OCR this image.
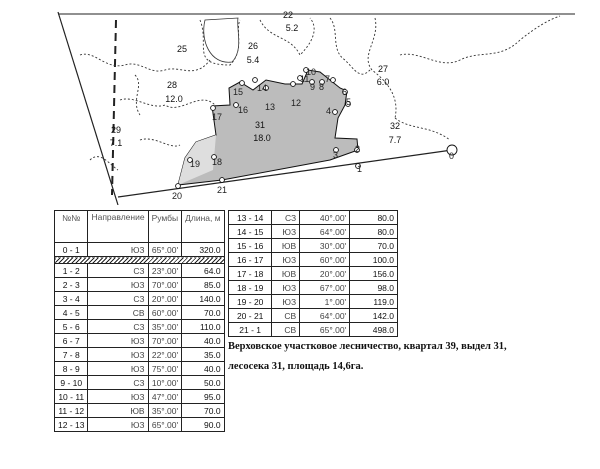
22
5.2
25	26
5.4
27
6.0
28
12.0
29
7.1
31
18.0
32
7.7
0
1
2
3
4
5
6
7
8
9
10
11
12
13
14
15
16
17
18
19
20
21
№№	Направление	Румбы	Длина, м
0 - 1	ЮЗ	65°.00'	320.0

1 - 2	СЗ	23°.00'	64.0
2 - 3	ЮЗ	70°.00'	85.0
3 - 4	СЗ	20°.00'	140.0
4 - 5	СВ	60°.00'	70.0
5 - 6	СЗ	35°.00'	110.0
6 - 7	ЮЗ	70°.00'	40.0
7 - 8	ЮЗ	22°.00'	35.0
8 - 9	ЮЗ	75°.00'	40.0
9 - 10	СЗ	10°.00'	50.0
10 - 11	ЮЗ	47°.00'	95.0
11 - 12	ЮВ	35°.00'	70.0
12 - 13	ЮЗ	65°.00'	90.0
13 - 14	СЗ	40°.00'	80.0
14 - 15	ЮЗ	64°.00'	80.0
15 - 16	ЮВ	30°.00'	70.0
16 - 17	ЮЗ	60°.00'	100.0
17 - 18	ЮВ	20°.00'	156.0
18 - 19	ЮЗ	67°.00'	98.0
19 - 20	ЮЗ	1°.00'	119.0
20 - 21	СВ	64°.00'	142.0
21 - 1	СВ	65°.00'	498.0
Верховское участковое лесничество, квартал 39, выдел 31,
лесосека 31, площадь 14,6га.
